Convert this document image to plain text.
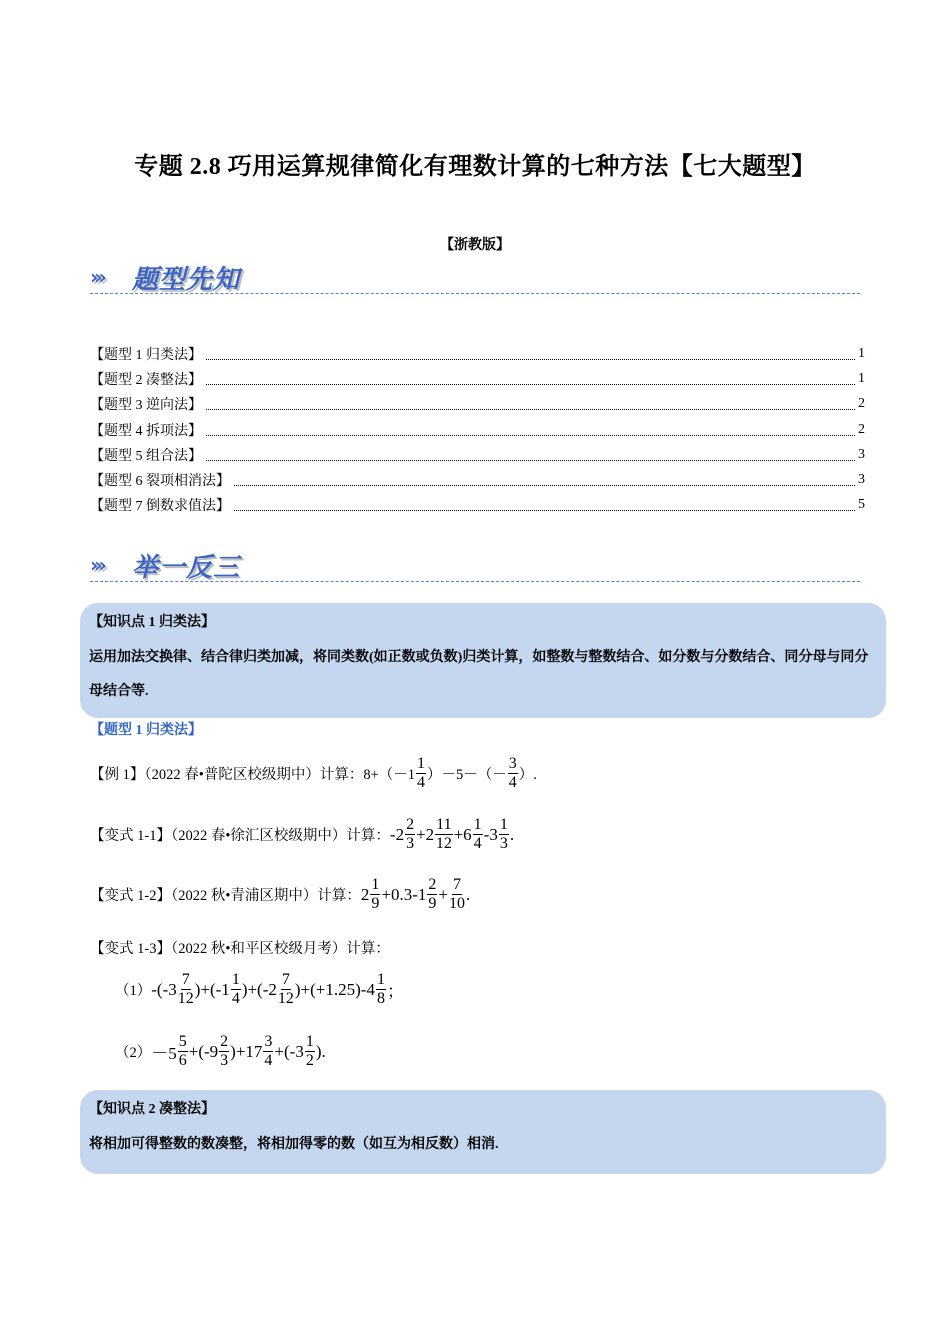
专题 2.8 巧用运算规律简化有理数计算的七种方法【七大题型】
【浙教版】
››› 题型先知
【题型 1 归类法】	1
【题型 2 凑整法】	1
【题型 3 逆向法】	2
【题型 4 拆项法】	2
【题型 5 组合法】	3
【题型 6 裂项相消法】	3
【题型 7 倒数求值法】	5
››› 举一反三
【知识点 1 归类法】
运用加法交换律、结合律归类加减，将同类数(如正数或负数)归类计算，如整数与整数结合、如分数与分数结合、同分母与同分母结合等.
【题型 1 归类法】
【例 1】（2022 春•普陀区校级期中）计算：$8+(-1 \frac{1}{4} )-5-(- \frac{3}{4}$ ）.
【变式 1-1】（2022 春•徐汇区校级期中）计算： $-2 \frac{2}{3} +2 \frac{11}{12} +6 \frac{1}{4} -3 \frac{1}{3}$ .
【变式 1-2】（2022 秋•青浦区期中）计算： $2 \frac{1}{9} +0.3-1 \frac{2}{9} + \frac{7}{10}$ .
【变式 1-3】（2022 秋•和平区校级月考）计算：
（1） $-(-3 \frac{7}{12} )+(-1 \frac{1}{4} )+(-2 \frac{7}{12} )+(+1.25)-4 \frac{1}{8}$ ；
$(2) -5 \frac{5}{6} +(-9 \frac{2}{3} )+17 \frac{3}{4} +(-3 \frac{1}{2}$ ).
【知识点 2 凑整法】
将相加可得整数的数凑整，将相加得零的数（如互为相反数）相消.
